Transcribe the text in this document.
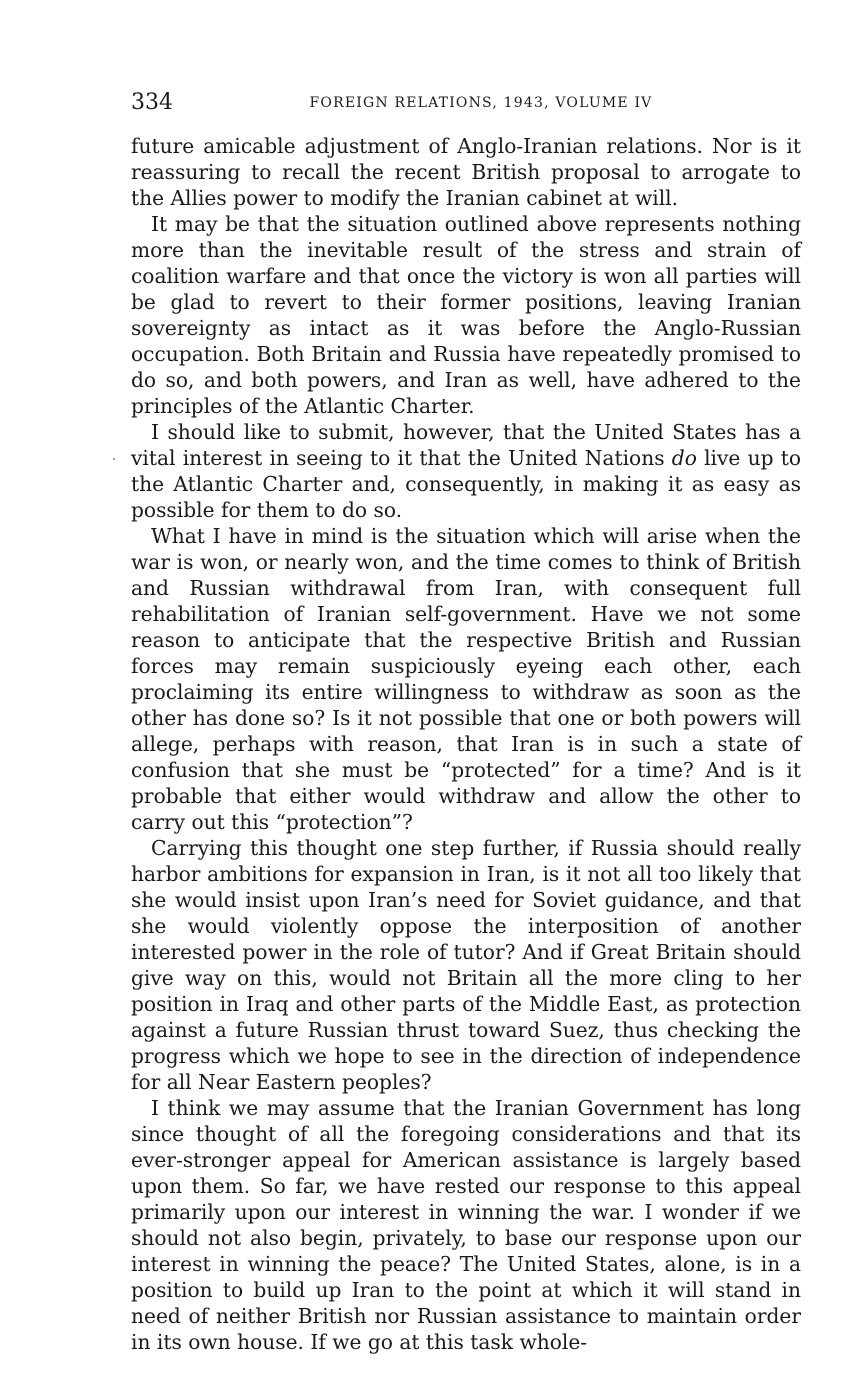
334	FOREIGN RELATIONS, 1943, VOLUME IV

future amicable adjustment of Anglo-Iranian relations. Nor is it reassuring to recall the recent British proposal to arrogate to the Allies power to modify the Iranian cabinet at will.

It may be that the situation outlined above represents nothing more than the inevitable result of the stress and strain of coalition warfare and that once the victory is won all parties will be glad to revert to their former positions, leaving Iranian sovereignty as intact as it was before the Anglo-Russian occupation. Both Britain and Russia have repeatedly promised to do so, and both powers, and Iran as well, have adhered to the principles of the Atlantic Charter.

I should like to submit, however, that the United States has a vital interest in seeing to it that the United Nations do live up to the Atlantic Charter and, consequently, in making it as easy as possible for them to do so.

What I have in mind is the situation which will arise when the war is won, or nearly won, and the time comes to think of British and Russian withdrawal from Iran, with consequent full rehabilitation of Iranian self-government. Have we not some reason to anticipate that the respective British and Russian forces may remain suspiciously eyeing each other, each proclaiming its entire willingness to withdraw as soon as the other has done so? Is it not possible that one or both powers will allege, perhaps with reason, that Iran is in such a state of confusion that she must be “protected” for a time? And is it probable that either would withdraw and allow the other to carry out this “protection”?

Carrying this thought one step further, if Russia should really harbor ambitions for expansion in Iran, is it not all too likely that she would insist upon Iran’s need for Soviet guidance, and that she would violently oppose the interposition of another interested power in the role of tutor? And if Great Britain should give way on this, would not Britain all the more cling to her position in Iraq and other parts of the Middle East, as protection against a future Russian thrust toward Suez, thus checking the progress which we hope to see in the direction of independence for all Near Eastern peoples?

I think we may assume that the Iranian Government has long since thought of all the foregoing considerations and that its ever-stronger appeal for American assistance is largely based upon them. So far, we have rested our response to this appeal primarily upon our interest in winning the war. I wonder if we should not also begin, privately, to base our response upon our interest in winning the peace? The United States, alone, is in a position to build up Iran to the point at which it will stand in need of neither British nor Russian assistance to maintain order in its own house. If we go at this task whole-
